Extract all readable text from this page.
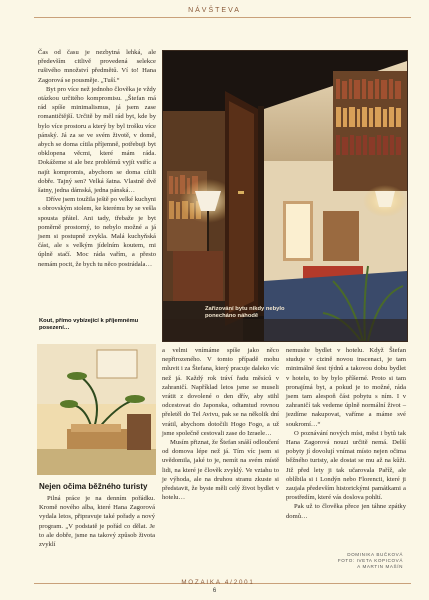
NÁVŠTEVA

Čas od času je nezbytná lehká, ale především citlivě provedená selekce rušivého množství předmětů. Ví to! Hana Zagorová se pousměje. „Tuší.“

Byt pro více než jednoho člověka je vždy otázkou určitého kompromisu. „Štefan má rád spíše minimalismus, já jsem zase romantičtější. Určitě by měl rád byt, kde by bylo více prostoru a který by byl trošku více pánský. Já za se ve svém životě, v domě, abych se doma cítila příjemně, potřebuji byt obklopena věcmi, které mám ráda. Dokážeme si ale bez problémů vyjít vstříc a najít kompromis, abychom se doma cítili dobře. Tajný sen? Velká šatna. Vlastně dvě šatny, jedna dámská, jedna pánská…

Dříve jsem toužila ještě po velké kuchyni s obrovským stolem, ke kterému by se vešla spousta přátel. Ani tady, třebaže je byt poměrně prostorný, to nebylo možné a já jsem si postupně zvykla. Malá kuchyňská část, ale s velkým jídelním koutem, mi úplně stačí. Moc ráda vařím, a přesto nemám pocit, že bych tu něco postrádala…

Zařizování bytu nikdy nebylo ponecháno náhodě
Kout, přímo vybízející k příjemnému posezení…
Nejen očima běžného turisty

Pilná práce je na denním pořádku. Kromě nového alba, které Hana Zagorová vydala letos, připravuje také pořady a nový program. „V podstatě je pořád co dělat. Je to ale dobře, jsme na takový způsob života zvyklí

a velmi vnímáme spíše jako něco nepřirozeného. V tomto případě mohu mluvit i za Štefana, který pracuje daleko víc než já. Každý rok tráví řadu měsíců v zahraničí. Například letos jsme se museli vrátit z dovolené o den dřív, aby stihl odcestovat do Japonska, odtamtud rovnou přeletěl do Tel Avivu, pak se na několik dní vrátil, abychom dotočili Hogo Fogo, a už jsme společně cestovali zase do Izraele…

Musím přiznat, že Štefan snáší odloučení od domova lépe než já. Tím víc jsem si uvědomila, jaké to je, nemít na svém místě lidi, na které je člověk zvyklý. Ve vztahu to je výhoda, ale na druhou stranu zkuste si představit, že byste měli celý život bydlet v hotelu…

nemusíte bydlet v hotelu. Když Štefan studuje v cizině novou inscenaci, je tam minimálně šest týdnů a takovou dobu bydlet v hotelu, to by bylo příšerné. Proto si tam pronajímá byt, a pokud je to možné, ráda jsem tam alespoň část pobytu s ním. I v zahraničí tak vedeme úplně normální život – jezdíme nakupovat, vaříme a máme své soukromí…“

O poznávání nových míst, měst i bytů tak Hana Zagorová nouzi určitě nemá. Delší pobyty jí dovolují vnímat místo nejen očima běžného turisty, ale dostat se mu až na kůži. Již před lety ji tak učarovala Paříž, ale oblíbila si i Londýn nebo Florencii, které ji zaujala především historickými památkami a prostředím, které vás doslova pohltí.

Pak už to člověka přece jen táhne zpátky domů…

DOMINIKA BUČKOVÁ
FOTO: IVETA KOPICOVÁ
A MARTIN MAŠÍN
MOZAIKA 4/2001
6
